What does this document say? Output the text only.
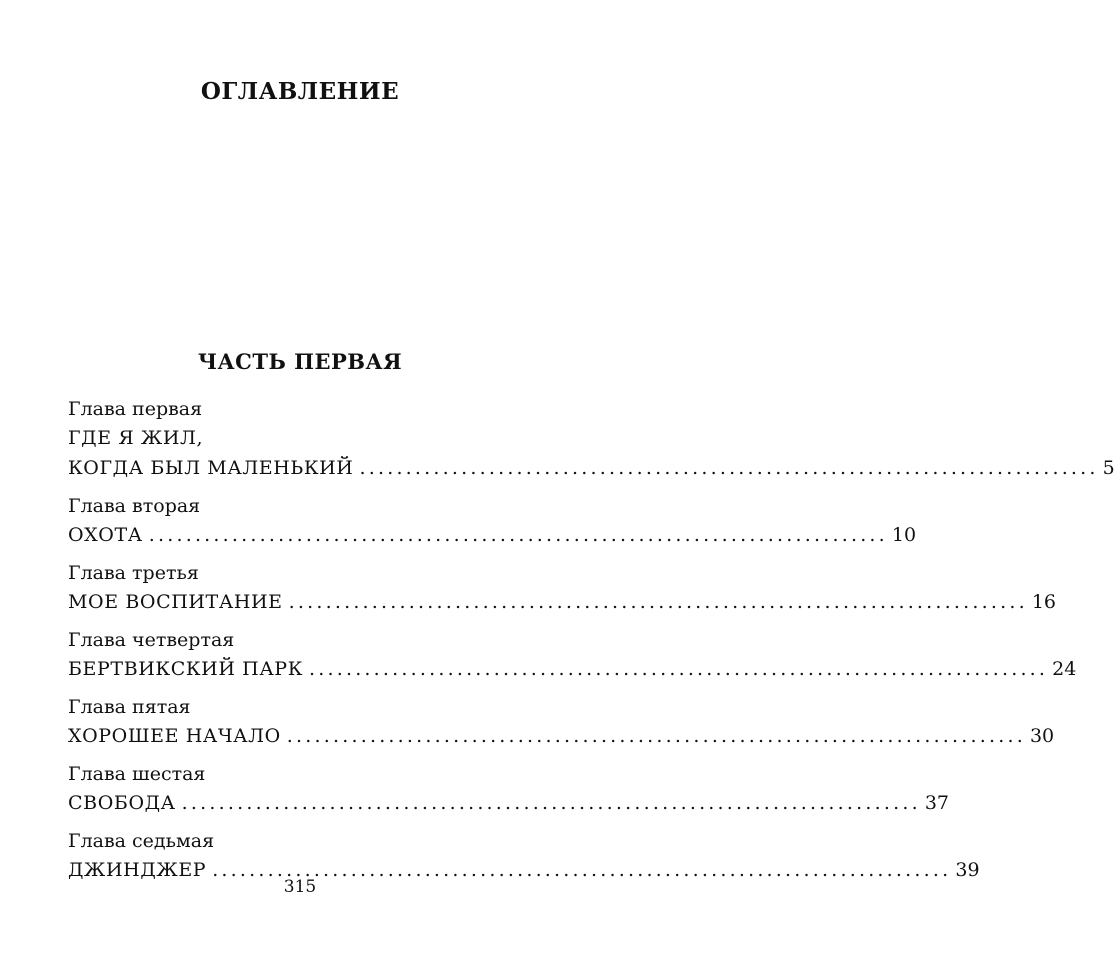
ОГЛАВЛЕНИЕ
ЧАСТЬ ПЕРВАЯ
Глава первая
ГДЕ Я ЖИЛ,
КОГДА БЫЛ МАЛЕНЬКИЙ ................................................................................ 5
Глава вторая
ОХОТА ................................................................................ 10
Глава третья
МОЕ ВОСПИТАНИЕ ................................................................................ 16
Глава четвертая
БЕРТВИКСКИЙ ПАРК ................................................................................ 24
Глава пятая
ХОРОШЕЕ НАЧАЛО ................................................................................ 30
Глава шестая
СВОБОДА ................................................................................ 37
Глава седьмая
ДЖИНДЖЕР ................................................................................ 39
315
